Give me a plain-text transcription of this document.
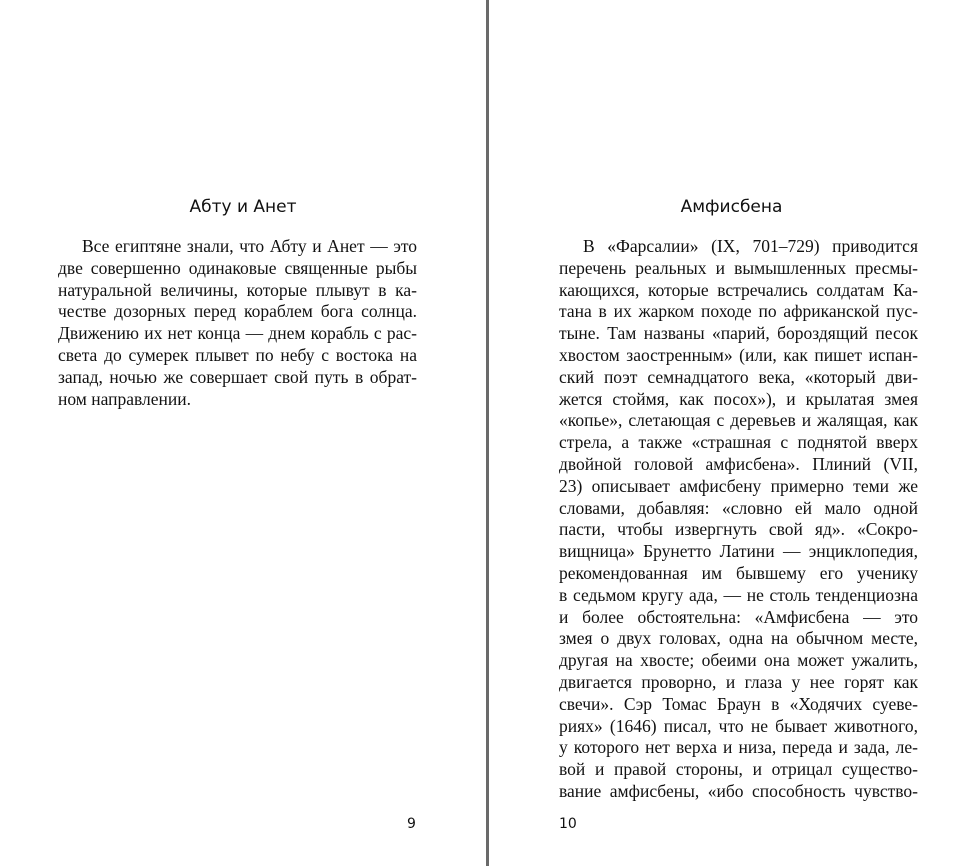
Абту и Анет
Все египтяне знали, что Абту и Анет — это
две совершенно одинаковые священные рыбы
натуральной величины, которые плывут в ка-
честве дозорных перед кораблем бога солнца.
Движению их нет конца — днем корабль с рас-
света до сумерек плывет по небу с востока на
запад, ночью же совершает свой путь в обрат-
ном направлении.
9
Амфисбена
В «Фарсалии» (IX, 701–729) приводится
перечень реальных и вымышленных пресмы-
кающихся, которые встречались солдатам Ка-
тана в их жарком походе по африканской пус-
тыне. Там названы «парий, бороздящий песок
хвостом заостренным» (или, как пишет испан-
ский поэт семнадцатого века, «который дви-
жется стоймя, как посох»), и крылатая змея
«копье», слетающая с деревьев и жалящая, как
стрела, а также «страшная с поднятой вверх
двойной головой амфисбена». Плиний (VII,
23) описывает амфисбену примерно теми же
словами, добавляя: «словно ей мало одной
пасти, чтобы извергнуть свой яд». «Сокро-
вищница» Брунетто Латини — энциклопедия,
рекомендованная им бывшему его ученику
в седьмом кругу ада, — не столь тенденциозна
и более обстоятельна: «Амфисбена — это
змея о двух головах, одна на обычном месте,
другая на хвосте; обеими она может ужалить,
двигается проворно, и глаза у нее горят как
свечи». Сэр Томас Браун в «Ходячих суеве-
риях» (1646) писал, что не бывает животного,
у которого нет верха и низа, переда и зада, ле-
вой и правой стороны, и отрицал существо-
вание амфисбены, «ибо способность чувство-
10
